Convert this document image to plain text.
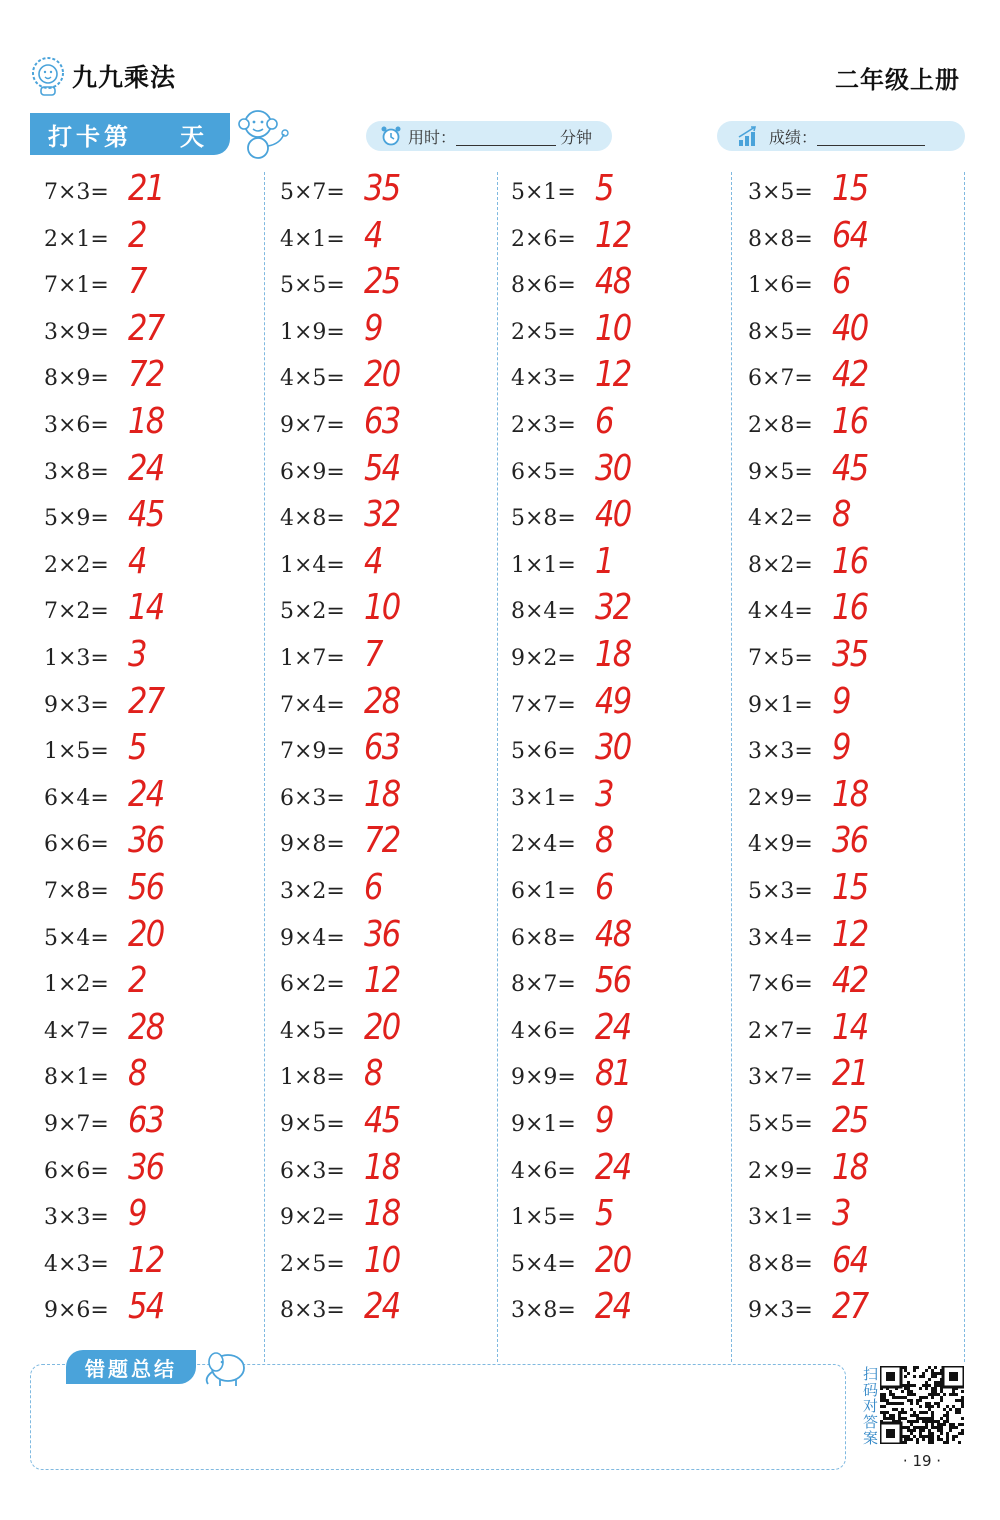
九九乘法	二年级上册
打卡第 天	用时：	分钟	成绩：
7×3= 21
2×1= 2
7×1= 7
3×9= 27
8×9= 72
3×6= 18
3×8= 24
5×9= 45
2×2= 4
7×2= 14
1×3= 3
9×3= 27
1×5= 5
6×4= 24
6×6= 36
7×8= 56
5×4= 20
1×2= 2
4×7= 28
8×1= 8
9×7= 63
6×6= 36
3×3= 9
4×3= 12
9×6= 54
5×7= 35
4×1= 4
5×5= 25
1×9= 9
4×5= 20
9×7= 63
6×9= 54
4×8= 32
1×4= 4
5×2= 10
1×7= 7
7×4= 28
7×9= 63
6×3= 18
9×8= 72
3×2= 6
9×4= 36
6×2= 12
4×5= 20
1×8= 8
9×5= 45
6×3= 18
9×2= 18
2×5= 10
8×3= 24
5×1= 5
2×6= 12
8×6= 48
2×5= 10
4×3= 12
2×3= 6
6×5= 30
5×8= 40
1×1= 1
8×4= 32
9×2= 18
7×7= 49
5×6= 30
3×1= 3
2×4= 8
6×1= 6
6×8= 48
8×7= 56
4×6= 24
9×9= 81
9×1= 9
4×6= 24
1×5= 5
5×4= 20
3×8= 24
3×5= 15
8×8= 64
1×6= 6
8×5= 40
6×7= 42
2×8= 16
9×5= 45
4×2= 8
8×2= 16
4×4= 16
7×5= 35
9×1= 9
3×3= 9
2×9= 18
4×9= 36
5×3= 15
3×4= 12
7×6= 42
2×7= 14
3×7= 21
5×5= 25
2×9= 18
3×1= 3
8×8= 64
9×3= 27
错题总结	扫码对答案
· 19 ·
